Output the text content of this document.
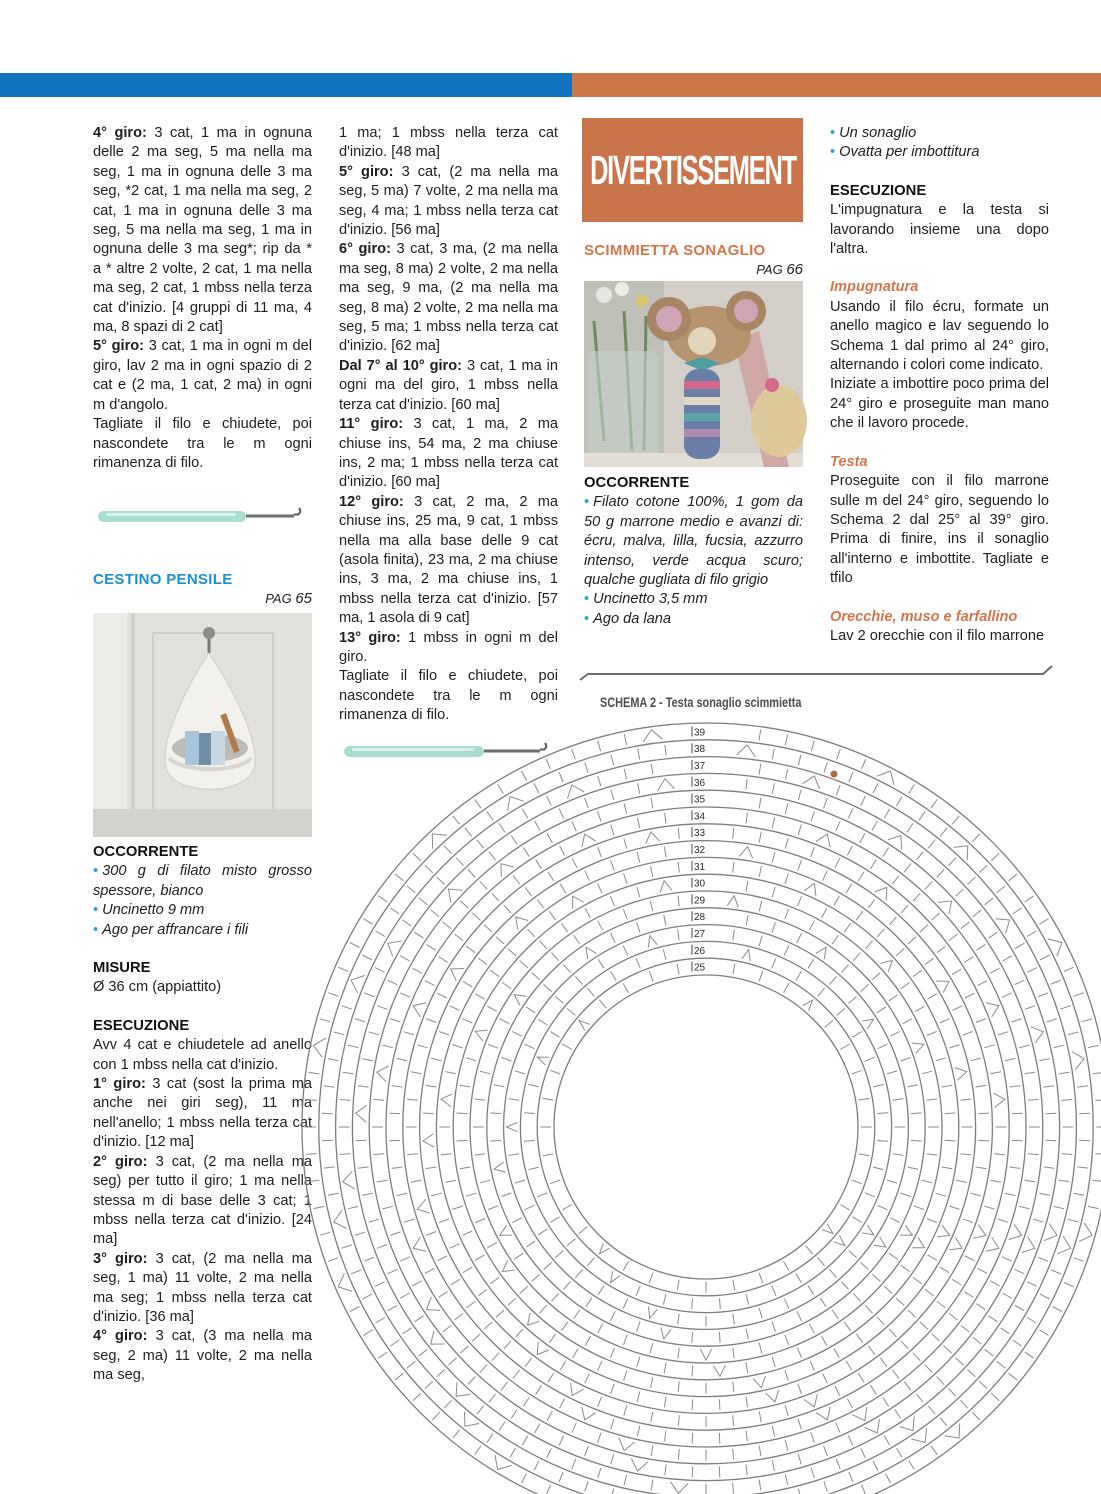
4° giro: 3 cat, 1 ma in ognuna delle 2 ma seg, 5 ma nella ma seg, 1 ma in ognuna delle 3 ma seg, *2 cat, 1 ma nella ma seg, 2 cat, 1 ma in ognuna delle 3 ma seg, 5 ma nella ma seg, 1 ma in ognuna delle 3 ma seg*; rip da * a * altre 2 volte, 2 cat, 1 ma nella ma seg, 2 cat, 1 mbss nella terza cat d'inizio. [4 gruppi di 11 ma, 4 ma, 8 spazi di 2 cat]

5° giro: 3 cat, 1 ma in ogni m del giro, lav 2 ma in ogni spazio di 2 cat e (2 ma, 1 cat, 2 ma) in ogni m d'angolo.

Tagliate il filo e chiudete, poi nascondete tra le m ogni rimanenza di filo.

CESTINO PENSILE
PAG 65
OCCORRENTE
• 300 g di filato misto grosso spessore, bianco
• Uncinetto 9 mm
• Ago per affrancare i fili
MISURE
Ø 36 cm (appiattito)
ESECUZIONE

Avv 4 cat e chiudetele ad anello con 1 mbss nella cat d'inizio.

1° giro: 3 cat (sost la prima ma anche nei giri seg), 11 ma nell'anello; 1 mbss nella terza cat d'inizio. [12 ma]

2° giro: 3 cat, (2 ma nella ma seg) per tutto il giro; 1 ma nella stessa m di base delle 3 cat; 1 mbss nella terza cat d'inizio. [24 ma]

3° giro: 3 cat, (2 ma nella ma seg, 1 ma) 11 volte, 2 ma nella ma seg; 1 mbss nella terza cat d'inizio. [36 ma]

4° giro: 3 cat, (3 ma nella ma seg, 2 ma) 11 volte, 2 ma nella ma seg,

1 ma; 1 mbss nella terza cat d'inizio. [48 ma]

5° giro: 3 cat, (2 ma nella ma seg, 5 ma) 7 volte, 2 ma nella ma seg, 4 ma; 1 mbss nella terza cat d'inizio. [56 ma]

6° giro: 3 cat, 3 ma, (2 ma nella ma seg, 8 ma) 2 volte, 2 ma nella ma seg, 9 ma, (2 ma nella ma seg, 8 ma) 2 volte, 2 ma nella ma seg, 5 ma; 1 mbss nella terza cat d'inizio. [62 ma]

Dal 7° al 10° giro: 3 cat, 1 ma in ogni ma del giro, 1 mbss nella terza cat d'inizio. [60 ma]

11° giro: 3 cat, 1 ma, 2 ma chiuse ins, 54 ma, 2 ma chiuse ins, 2 ma; 1 mbss nella terza cat d'inizio. [60 ma]

12° giro: 3 cat, 2 ma, 2 ma chiuse ins, 25 ma, 9 cat, 1 mbss nella ma alla base delle 9 cat (asola finita), 23 ma, 2 ma chiuse ins, 3 ma, 2 ma chiuse ins, 1 mbss nella terza cat d'inizio. [57 ma, 1 asola di 9 cat]

13° giro: 1 mbss in ogni m del giro.

Tagliate il filo e chiudete, poi nascondete tra le m ogni rimanenza di filo.

DIVERTISSEMENT
SCIMMIETTA SONAGLIO
PAG 66
OCCORRENTE
• Filato cotone 100%, 1 gom da 50 g marrone medio e avanzi di: écru, malva, lilla, fucsia, azzurro intenso, verde acqua scuro; qualche gugliata di filo grigio
• Uncinetto 3,5 mm
• Ago da lana
• Un sonaglio
• Ovatta per imbottitura
ESECUZIONE

L'impugnatura e la testa si lavorando insieme una dopo l'altra.

Impugnatura

Usando il filo écru, formate un anello magico e lav seguendo lo Schema 1 dal primo al 24° giro, alternando i colori come indicato.

Iniziate a imbottire poco prima del 24° giro e proseguite man mano che il lavoro procede.

Testa

Proseguite con il filo marrone sulle m del 24° giro, seguendo lo Schema 2 dal 25° al 39° giro. Prima di finire, ins il sonaglio all'interno e imbottite. Tagliate e tfilo

Orecchie, muso e farfallino

Lav 2 orecchie con il filo marrone

SCHEMA 2 - Testa sonaglio scimmietta
39
38
37
36
35
34
33
32
31
30
29
28
27
26
25
